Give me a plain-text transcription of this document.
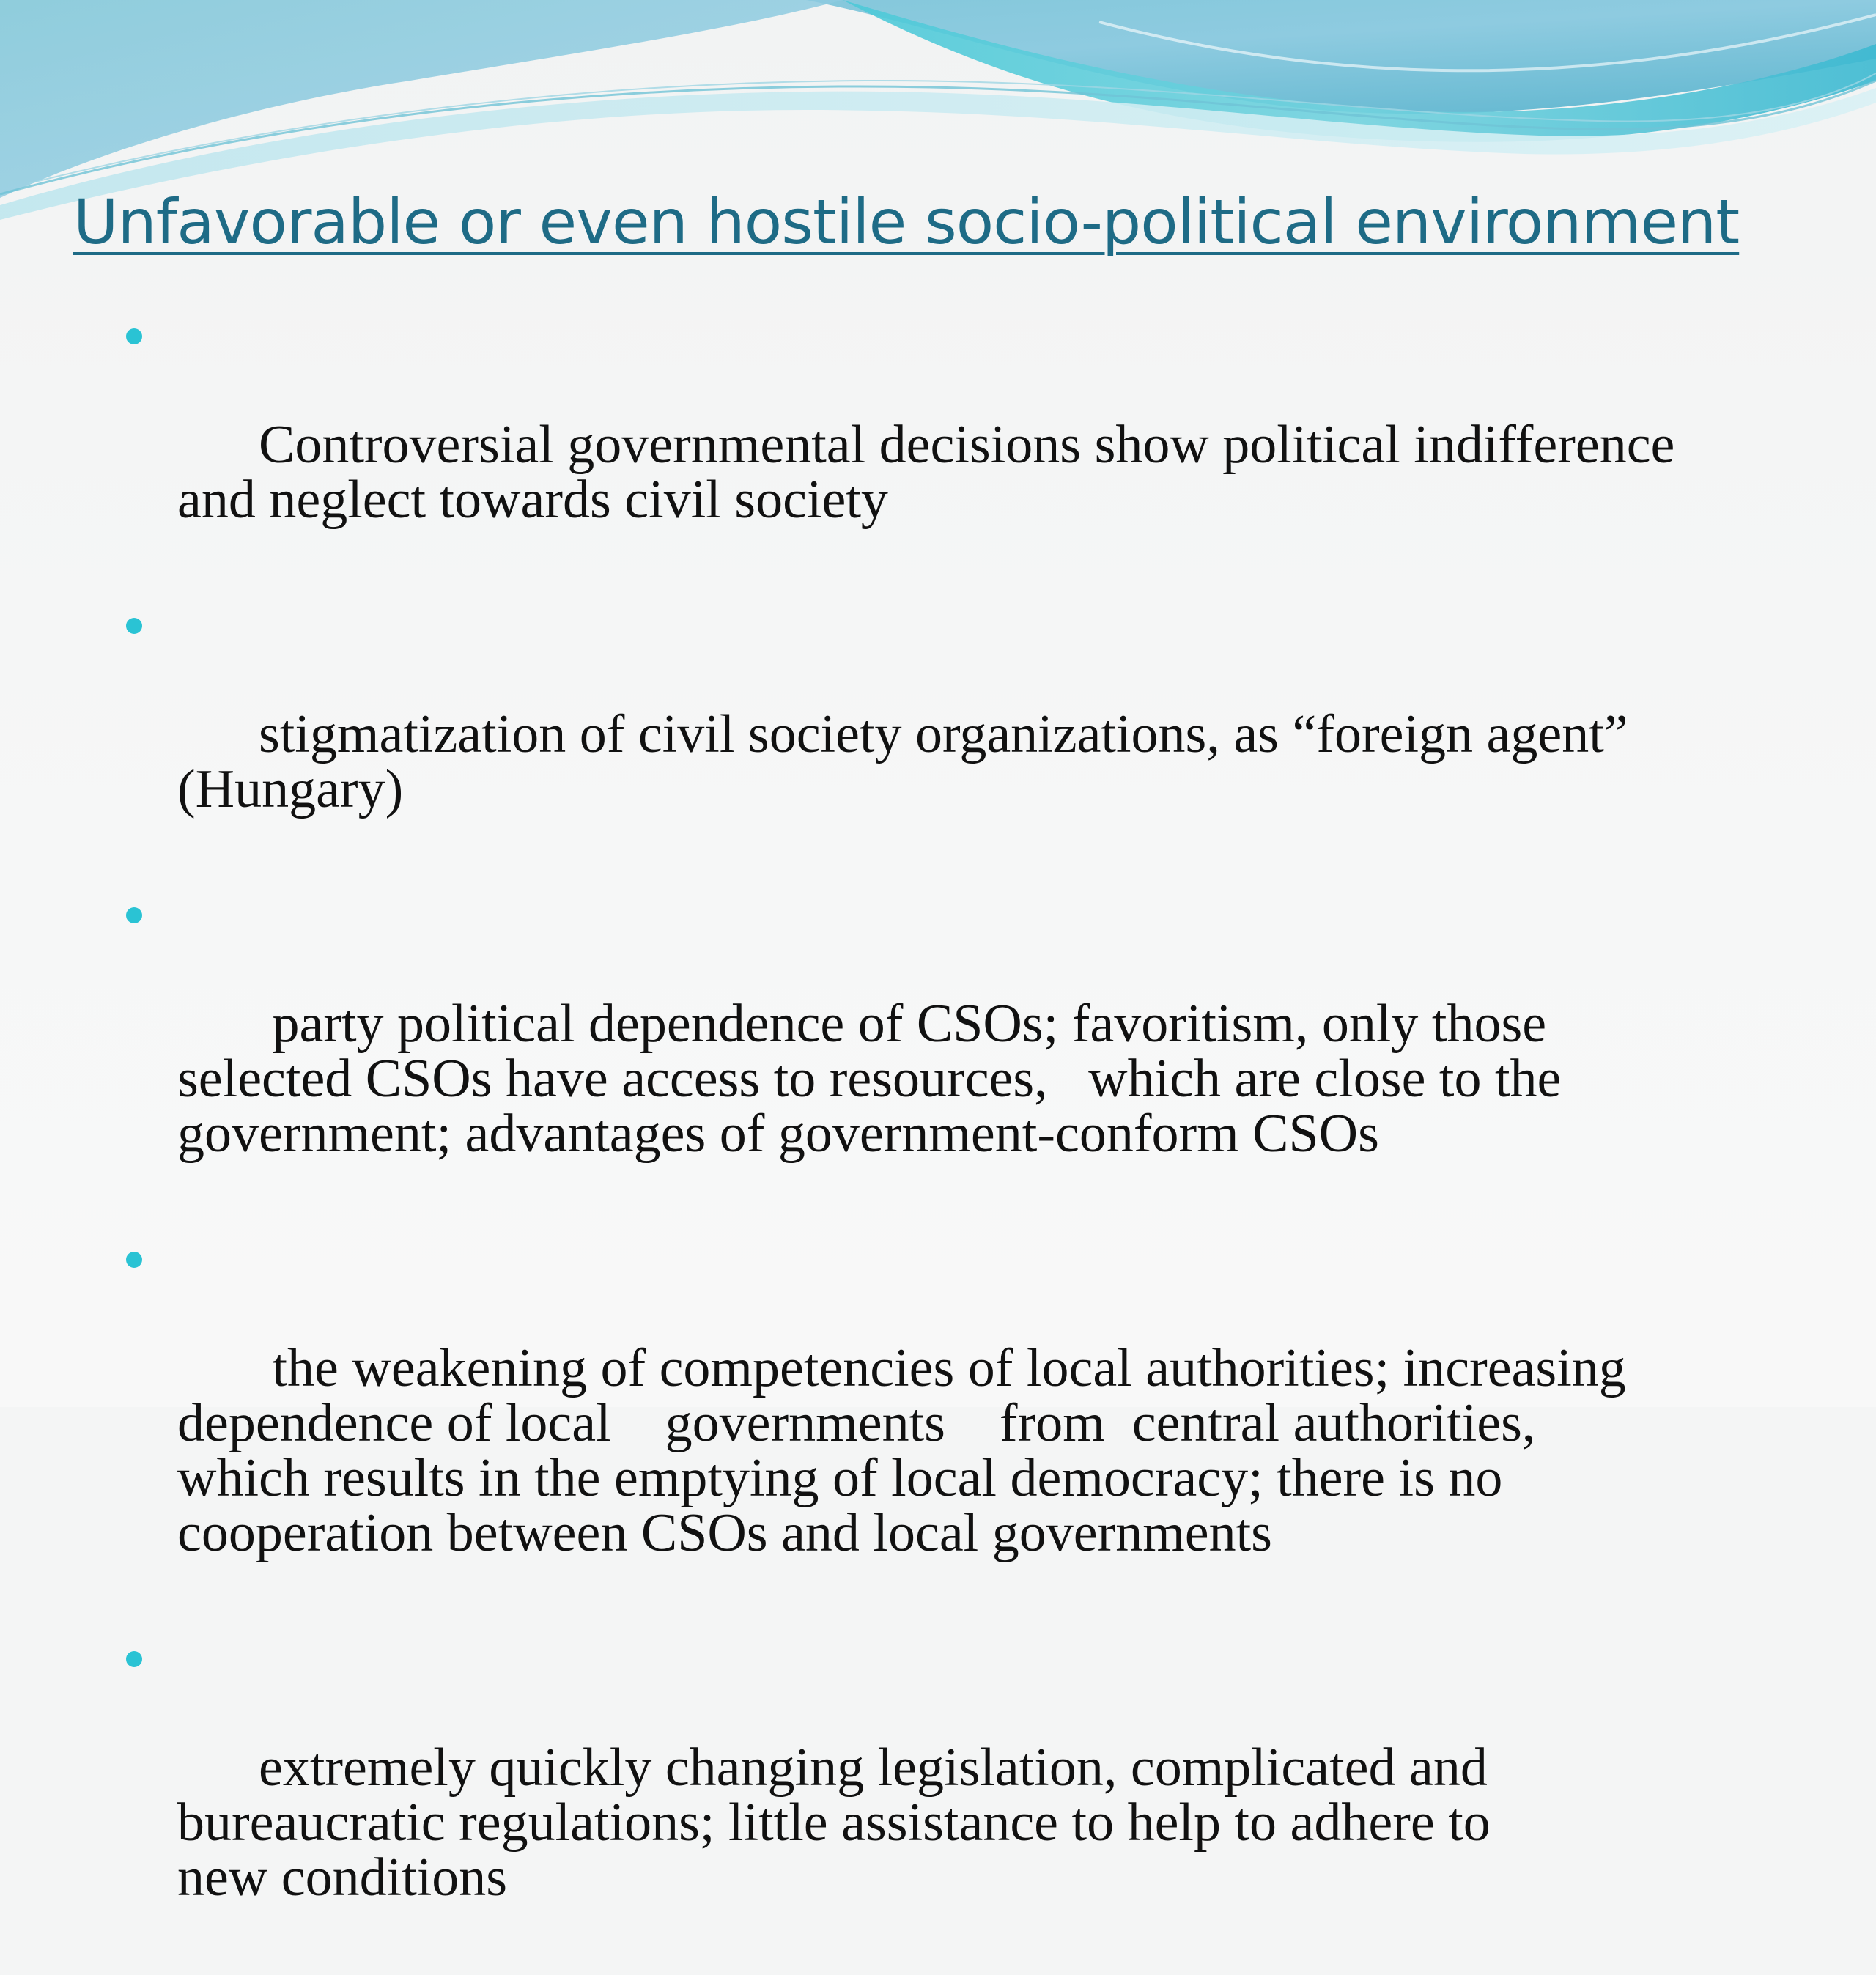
Unfavorable or even hostile socio-political environment

Controversial governmental decisions show political indifference
and neglect towards civil society

stigmatization of civil society organizations, as “foreign agent”
(Hungary)

party political dependence of CSOs; favoritism, only those
selected CSOs have access to resources,   which are close to the
government; advantages of government-conform CSOs

the weakening of competencies of local authorities; increasing
dependence of local    governments    from  central authorities,
which results in the emptying of local democracy; there is no
cooperation between CSOs and local governments

extremely quickly changing legislation, complicated and
bureaucratic regulations; little assistance to help to adhere to
new conditions
